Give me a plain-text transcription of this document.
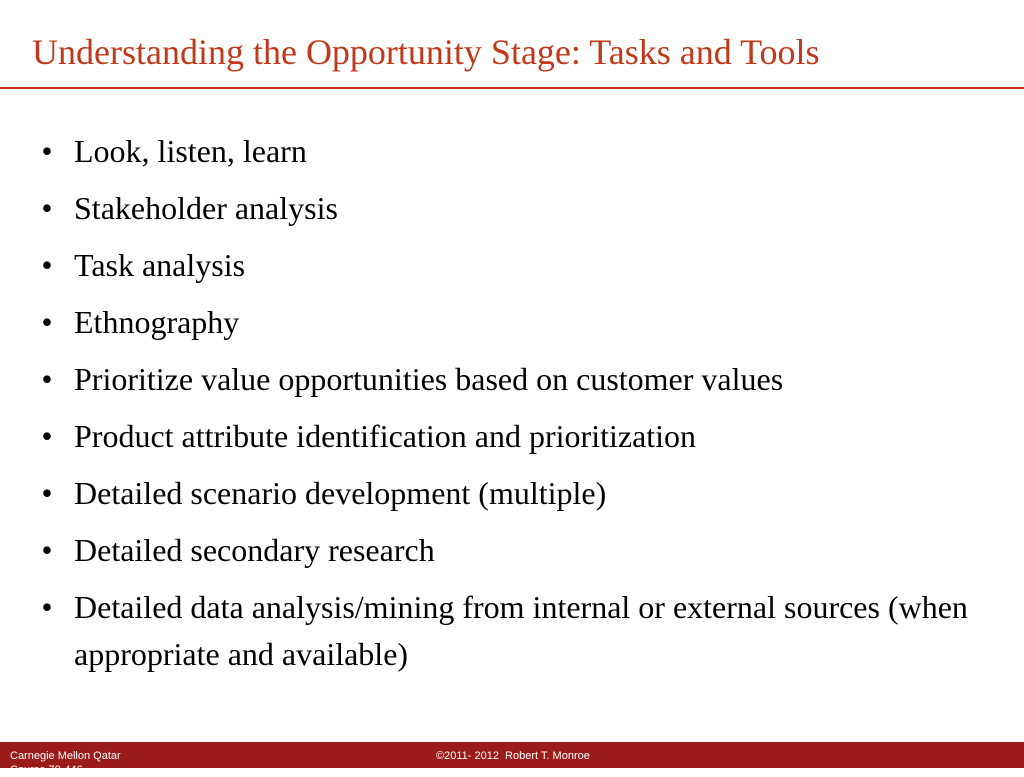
Understanding the Opportunity Stage: Tasks and Tools
• Look, listen, learn
• Stakeholder analysis
• Task analysis
• Ethnography
• Prioritize value opportunities based on customer values
• Product attribute identification and prioritization
• Detailed scenario development (multiple)
• Detailed secondary research
• Detailed data analysis/mining from internal or external sources (when appropriate and available)
Carnegie Mellon Qatar
Course 70-446
©2011- 2012  Robert T. Monroe
